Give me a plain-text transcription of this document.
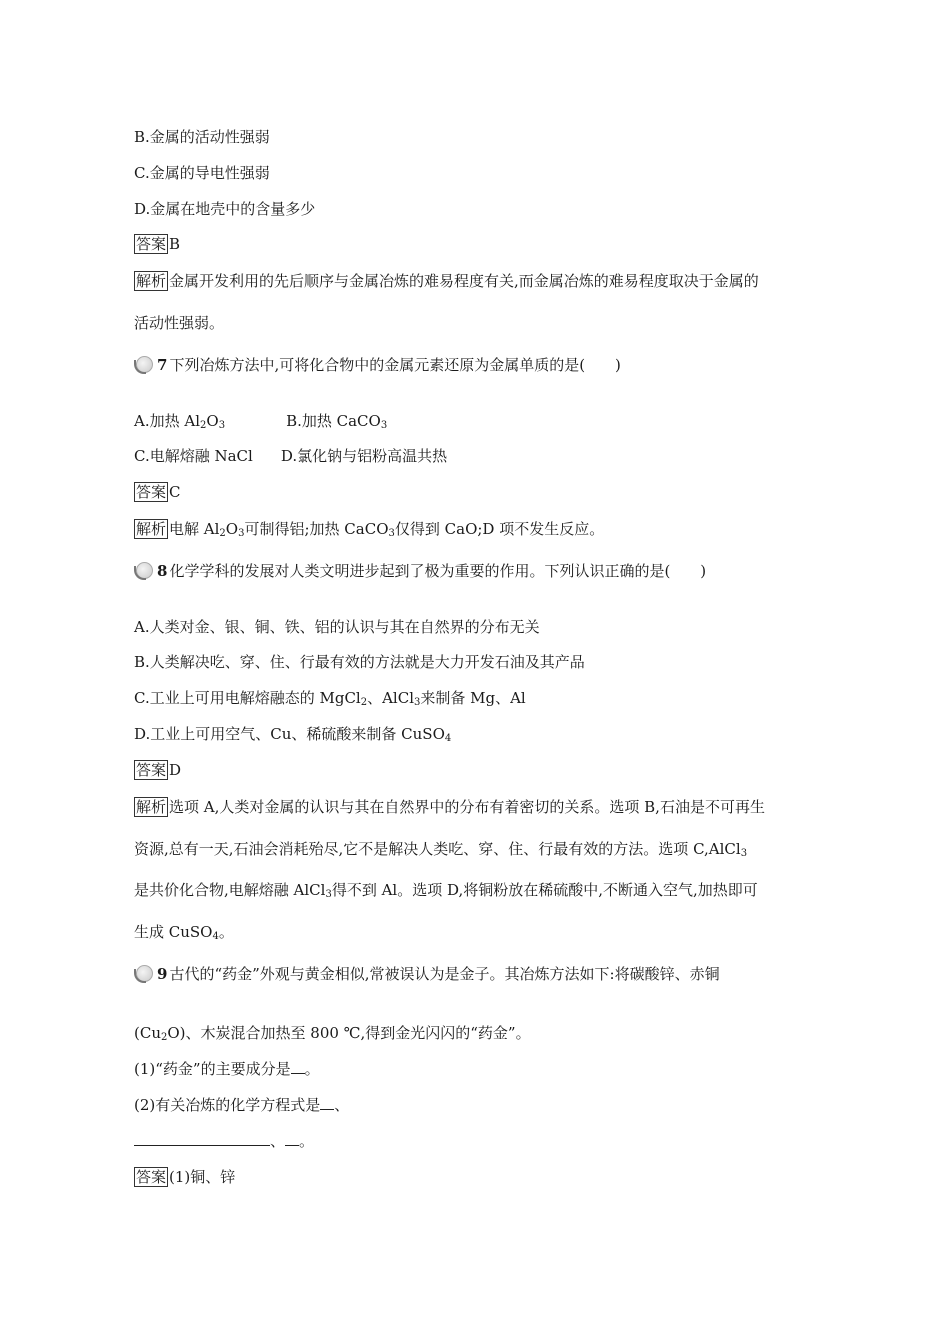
B.金属的活动性强弱
C.金属的导电性强弱
D.金属在地壳中的含量多少
答案 B
解析 金属开发利用的先后顺序与金属冶炼的难易程度有关,而金属冶炼的难易程度取决于金属的
活动性强弱。
7 下列冶炼方法中,可将化合物中的金属元素还原为金属单质的是(　　)
A.加热 $Al_2O_3$	B.加热 CaCO$_3$
C.电解熔融 NaCl D.氯化钠与铝粉高温共热
答案 C
解析 电解 $Al_2O_3$可制得铝;加热 CaCO$_3$仅得到 CaO;D 项不发生反应。
8 化学学科的发展对人类文明进步起到了极为重要的作用。下列认识正确的是(　　)
A.人类对金、银、铜、铁、铝的认识与其在自然界的分布无关
B.人类解决吃、穿、住、行最有效的方法就是大力开发石油及其产品
C.工业上可用电解熔融态的 MgCl$_2$、AlCl$_3$来制备 Mg、Al
D.工业上可用空气、Cu、稀硫酸来制备 CuSO$_4$
答案 D
解析 选项 A,人类对金属的认识与其在自然界中的分布有着密切的关系。选项 B,石油是不可再生
资源,总有一天,石油会消耗殆尽,它不是解决人类吃、穿、住、行最有效的方法。选项 C,AlCl$_3$
是共价化合物,电解熔融 AlCl$_3$得不到 Al。选项 D,将铜粉放在稀硫酸中,不断通入空气,加热即可
生成 CuSO$_4$。
9 古代的“药金”外观与黄金相似,常被误认为是金子。其冶炼方法如下:将碳酸锌、赤铜
$(Cu_2O)$、木炭混合加热至 800 ℃,得到金光闪闪的“药金”。
(1)“药金”的主要成分是 。
(2)有关冶炼的化学方程式是 、
、 。
答案 (1)铜、锌
